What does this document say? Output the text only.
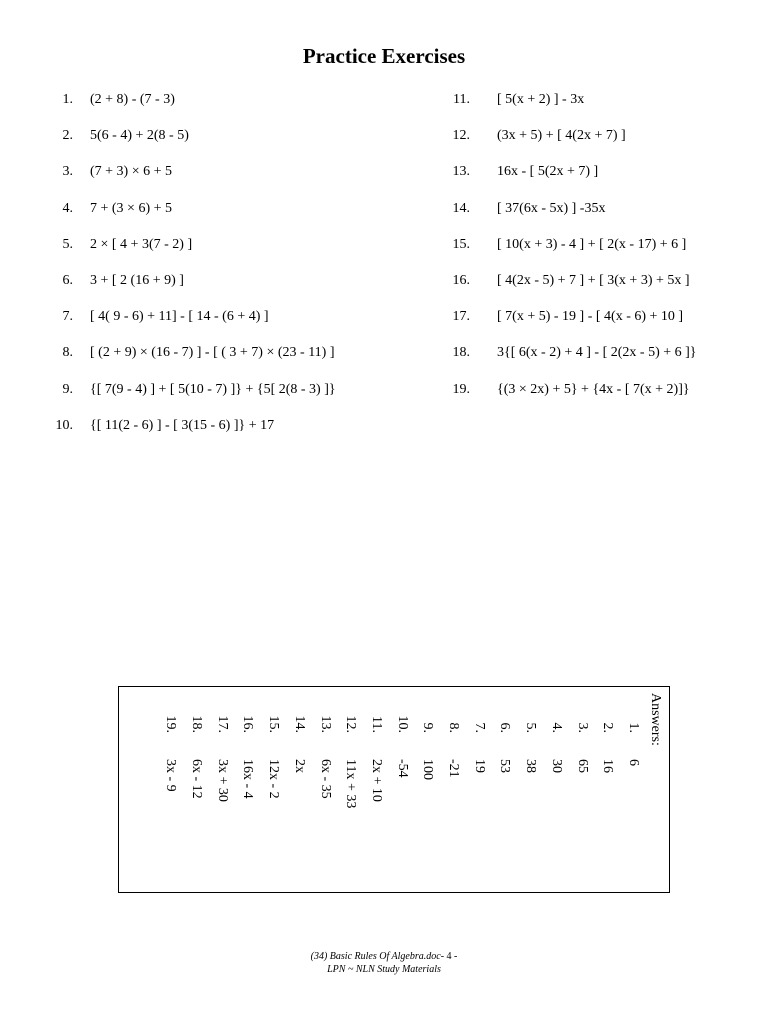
Practice Exercises
1. (2 + 8) - (7 - 3)
2. 5(6 - 4) + 2(8 - 5)
3. (7 + 3) × 6 + 5
4. 7 + (3 × 6) + 5
5. 2 × [ 4 + 3(7 - 2) ]
6. 3 + [ 2 (16 + 9) ]
7. [ 4( 9 - 6) + 11] - [ 14 - (6 + 4) ]
8. [ (2 + 9) × (16 - 7) ] - [ ( 3 + 7) × (23 - 11) ]
9. {[ 7(9 - 4) ] + [ 5(10 - 7) ]} + {5[ 2(8 - 3) ]}
10. {[ 11(2 - 6) ] - [ 3(15 - 6) ]} + 17
11. [ 5(x + 2) ] - 3x
12. (3x + 5) + [ 4(2x + 7) ]
13. 16x - [ 5(2x + 7) ]
14. [ 37(6x - 5x) ] -35x
15. [ 10(x + 3) - 4 ] + [ 2(x - 17) + 6 ]
16. [ 4(2x - 5) + 7 ] + [ 3(x + 3) + 5x ]
17. [ 7(x + 5) - 19 ] - [ 4(x - 6) + 10 ]
18. 3{[ 6(x - 2) + 4 ] - [ 2(2x - 5) + 6 ]}
19. {(3 × 2x) + 5} + {4x - [ 7(x + 2)]}
Answers:
1.
6
2.
16
3.
65
4.
30
5.
38
6.
53
7.
19
8.
-21
9.
100
10.
-54
11.
2x + 10
12.
11x + 33
13.
6x - 35
14.
2x
15.
12x - 2
16.
16x - 4
17.
3x + 30
18.
6x - 12
19.
3x - 9
(34) Basic Rules Of Algebra.doc- 4 -
LPN ~ NLN Study Materials
